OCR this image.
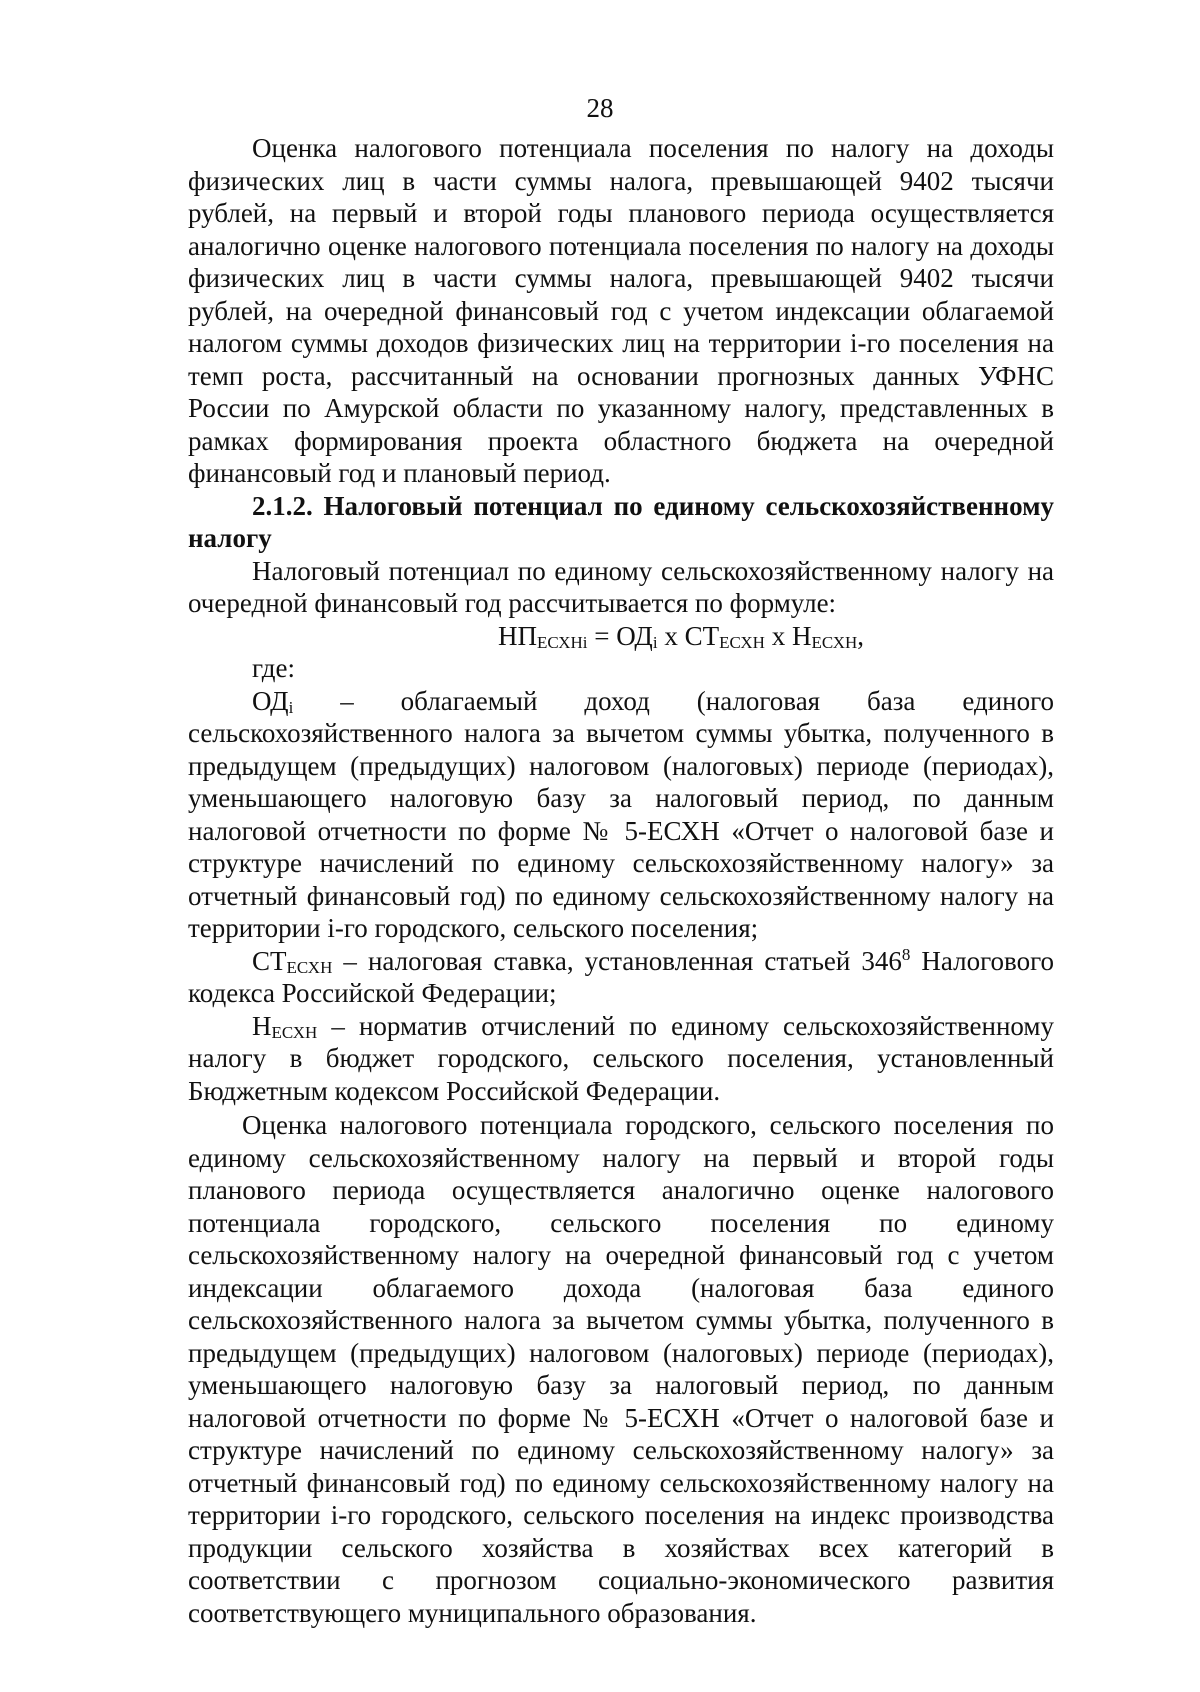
28

Оценка налогового потенциала поселения по налогу на доходы физических лиц в части суммы налога, превышающей 9402 тысячи рублей, на первый и второй годы планового периода осуществляется аналогично оценке налогового потенциала поселения по налогу на доходы физических лиц в части суммы налога, превышающей 9402 тысячи рублей, на очередной финансовый год с учетом индексации облагаемой налогом суммы доходов физических лиц на территории i-го поселения на темп роста, рассчитанный на основании прогнозных данных УФНС России по Амурской области по указанному налогу, представленных в рамках формирования проекта областного бюджета на очередной финансовый год и плановый период.

2.1.2. Налоговый потенциал по единому сельскохозяйственному налогу

Налоговый потенциал по единому сельскохозяйственному налогу на очередной финансовый год рассчитывается по формуле:

НПЕСХНi = ОДi x СТЕСХН x НЕСХН,

где:

ОДi – облагаемый доход (налоговая база единого сельскохозяйственного налога за вычетом суммы убытка, полученного в предыдущем (предыдущих) налоговом (налоговых) периоде (периодах), уменьшающего налоговую базу за налоговый период, по данным налоговой отчетности по форме № 5-ЕСХН «Отчет о налоговой базе и структуре начислений по единому сельскохозяйственному налогу» за отчетный финансовый год) по единому сельскохозяйственному налогу на территории i-го городского, сельского поселения;

СТЕСХН – налоговая ставка, установленная статьей $346^8$ Налогового кодекса Российской Федерации;

НЕСХН – норматив отчислений по единому сельскохозяйственному налогу в бюджет городского, сельского поселения, установленный Бюджетным кодексом Российской Федерации.

Оценка налогового потенциала городского, сельского поселения по единому сельскохозяйственному налогу на первый и второй годы планового периода осуществляется аналогично оценке налогового потенциала городского, сельского поселения по единому сельскохозяйственному налогу на очередной финансовый год с учетом индексации облагаемого дохода (налоговая база единого сельскохозяйственного налога за вычетом суммы убытка, полученного в предыдущем (предыдущих) налоговом (налоговых) периоде (периодах), уменьшающего налоговую базу за налоговый период, по данным налоговой отчетности по форме № 5-ЕСХН «Отчет о налоговой базе и структуре начислений по единому сельскохозяйственному налогу» за отчетный финансовый год) по единому сельскохозяйственному налогу на территории i-го городского, сельского поселения на индекс производства продукции сельского хозяйства в хозяйствах всех категорий в соответствии с прогнозом социально-экономического развития соответствующего муниципального образования.
